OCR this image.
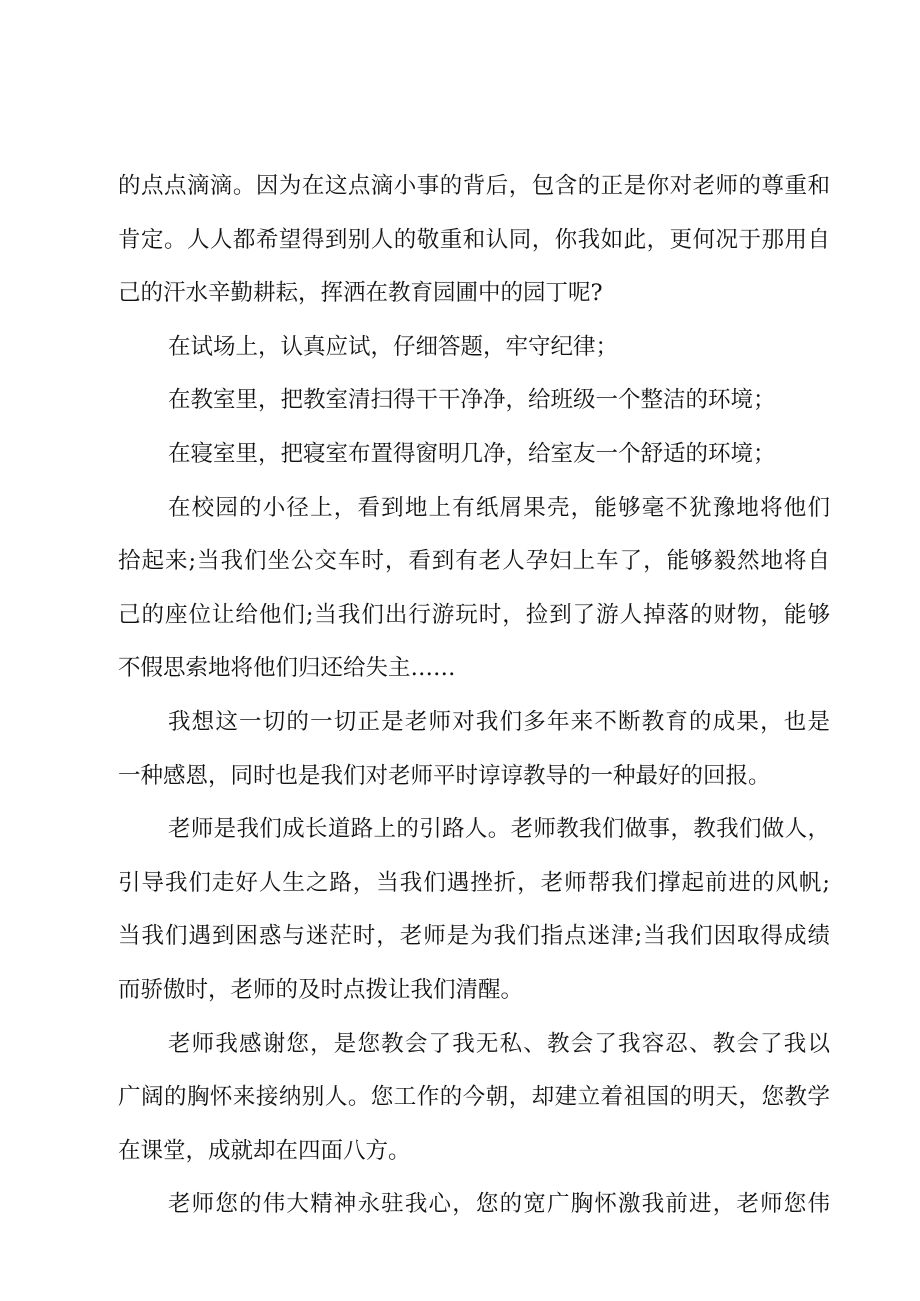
的点点滴滴。因为在这点滴小事的背后，包含的正是你对老师的尊重和
肯定。人人都希望得到别人的敬重和认同，你我如此，更何况于那用自
己的汗水辛勤耕耘，挥洒在教育园圃中的园丁呢?
在试场上，认真应试，仔细答题，牢守纪律；
在教室里，把教室清扫得干干净净，给班级一个整洁的环境；
在寝室里，把寝室布置得窗明几净，给室友一个舒适的环境；
在校园的小径上，看到地上有纸屑果壳，能够毫不犹豫地将他们
拾起来;当我们坐公交车时，看到有老人孕妇上车了，能够毅然地将自
己的座位让给他们;当我们出行游玩时，捡到了游人掉落的财物，能够
不假思索地将他们归还给失主……
我想这一切的一切正是老师对我们多年来不断教育的成果，也是
一种感恩，同时也是我们对老师平时谆谆教导的一种最好的回报。
老师是我们成长道路上的引路人。老师教我们做事，教我们做人，
引导我们走好人生之路，当我们遇挫折，老师帮我们撑起前进的风帆;
当我们遇到困惑与迷茫时，老师是为我们指点迷津;当我们因取得成绩
而骄傲时，老师的及时点拨让我们清醒。
老师我感谢您，是您教会了我无私、教会了我容忍、教会了我以
广阔的胸怀来接纳别人。您工作的今朝，却建立着祖国的明天，您教学
在课堂，成就却在四面八方。
老师您的伟大精神永驻我心，您的宽广胸怀激我前进，老师您伟
